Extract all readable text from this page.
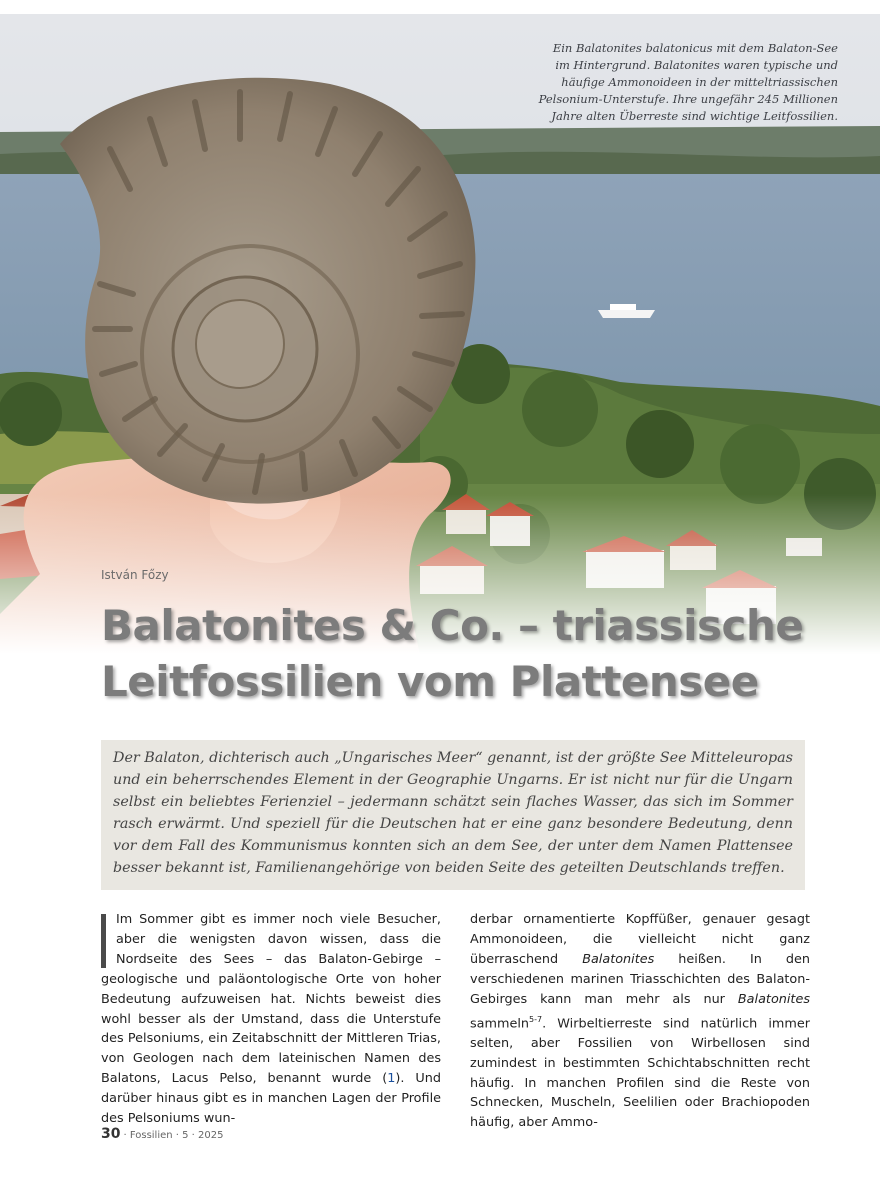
Ein Balatonites balatonicus mit dem Balaton-See im Hintergrund. Balatonites waren typische und häufige Ammonoideen in der mitteltriassischen Pelsonium-Unterstufe. Ihre ungefähr 245 Millionen Jahre alten Überreste sind wichtige Leitfossilien.

István Főzy

Balatonites & Co. – triassische
Leitfossilien vom Plattensee

Der Balaton, dichterisch auch „Ungarisches Meer“ genannt, ist der größte See Mitteleuropas und ein beherrschendes Element in der Geographie Ungarns. Er ist nicht nur für die Ungarn selbst ein beliebtes Ferienziel – jedermann schätzt sein flaches Wasser, das sich im Sommer rasch erwärmt. Und speziell für die Deutschen hat er eine ganz besondere Bedeutung, denn vor dem Fall des Kommunismus konnten sich an dem See, der unter dem Namen Plattensee besser bekannt ist, Familienangehörige von beiden Seite des geteilten Deutschlands treffen.

Im Sommer gibt es immer noch viele Besucher, aber die wenigsten davon wissen, dass die Nordseite des Sees – das Balaton-Gebirge – geologische und paläontologische Orte von hoher Bedeutung aufzuweisen hat. Nichts beweist dies wohl besser als der Umstand, dass die Unterstufe des Pelsoniums, ein Zeitabschnitt der Mittleren Trias, von Geologen nach dem lateinischen Namen des Balatons, Lacus Pelso, benannt wurde (1). Und darüber hinaus gibt es in manchen Lagen der Profile des Pelsoniums wun-

derbar ornamentierte Kopffüßer, genauer gesagt Ammonoideen, die vielleicht nicht ganz überraschend Balatonites heißen. In den verschiedenen marinen Triasschichten des Balaton-Gebirges kann man mehr als nur Balatonites sammeln$^{5-7}$. Wirbeltierreste sind natürlich immer selten, aber Fossilien von Wirbellosen sind zumindest in bestimmten Schichtabschnitten recht häufig. In manchen Profilen sind die Reste von Schnecken, Muscheln, Seelilien oder Brachiopoden häufig, aber Ammo-

30 · Fossilien · 5 · 2025
